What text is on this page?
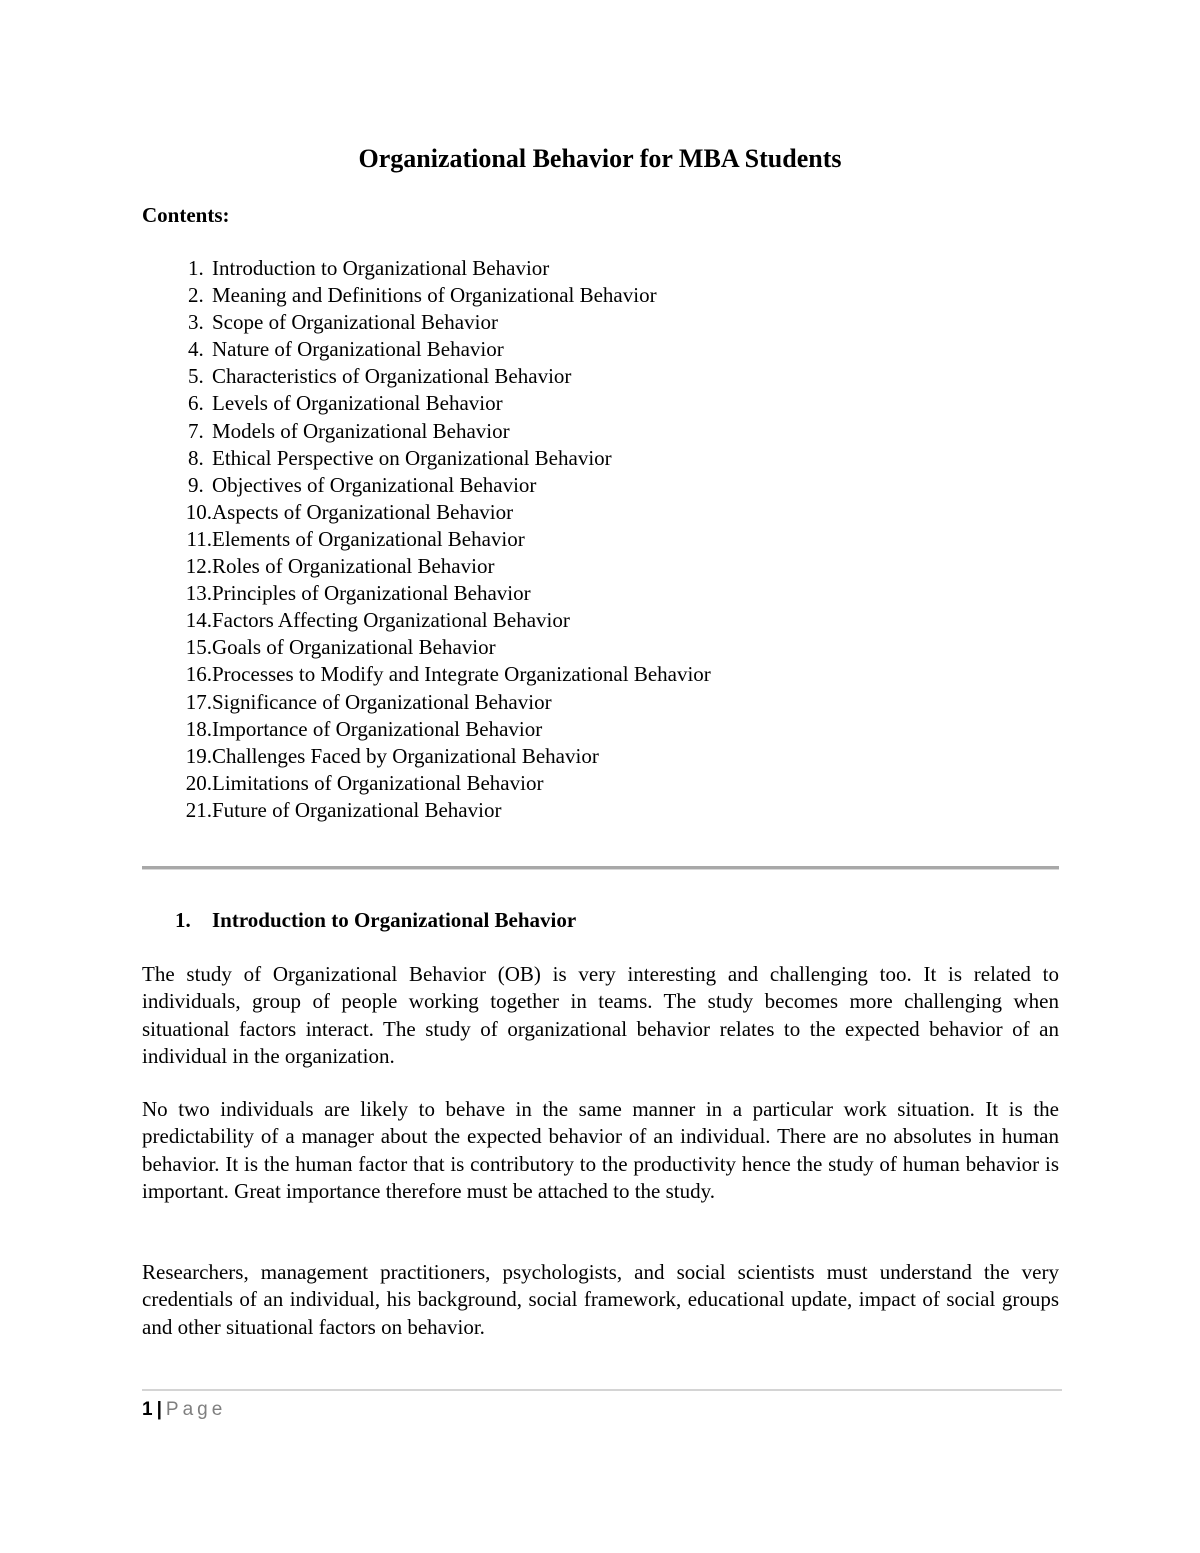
Organizational Behavior for MBA Students
Contents:
1. Introduction to Organizational Behavior
2. Meaning and Definitions of Organizational Behavior
3. Scope of Organizational Behavior
4. Nature of Organizational Behavior
5. Characteristics of Organizational Behavior
6. Levels of Organizational Behavior
7. Models of Organizational Behavior
8. Ethical Perspective on Organizational Behavior
9. Objectives of Organizational Behavior
10. Aspects of Organizational Behavior
11. Elements of Organizational Behavior
12. Roles of Organizational Behavior
13. Principles of Organizational Behavior
14. Factors Affecting Organizational Behavior
15. Goals of Organizational Behavior
16. Processes to Modify and Integrate Organizational Behavior
17. Significance of Organizational Behavior
18. Importance of Organizational Behavior
19. Challenges Faced by Organizational Behavior
20. Limitations of Organizational Behavior
21. Future of Organizational Behavior
1. Introduction to Organizational Behavior

The study of Organizational Behavior (OB) is very interesting and challenging too. It is related to individuals, group of people working together in teams. The study becomes more challenging when situational factors interact. The study of organizational behavior relates to the expected behavior of an individual in the organization.

No two individuals are likely to behave in the same manner in a particular work situation. It is the predictability of a manager about the expected behavior of an individual. There are no absolutes in human behavior. It is the human factor that is contributory to the productivity hence the study of human behavior is important. Great importance therefore must be attached to the study.

Researchers, management practitioners, psychologists, and social scientists must understand the very credentials of an individual, his background, social framework, educational update, impact of social groups and other situational factors on behavior.

1 | Page
